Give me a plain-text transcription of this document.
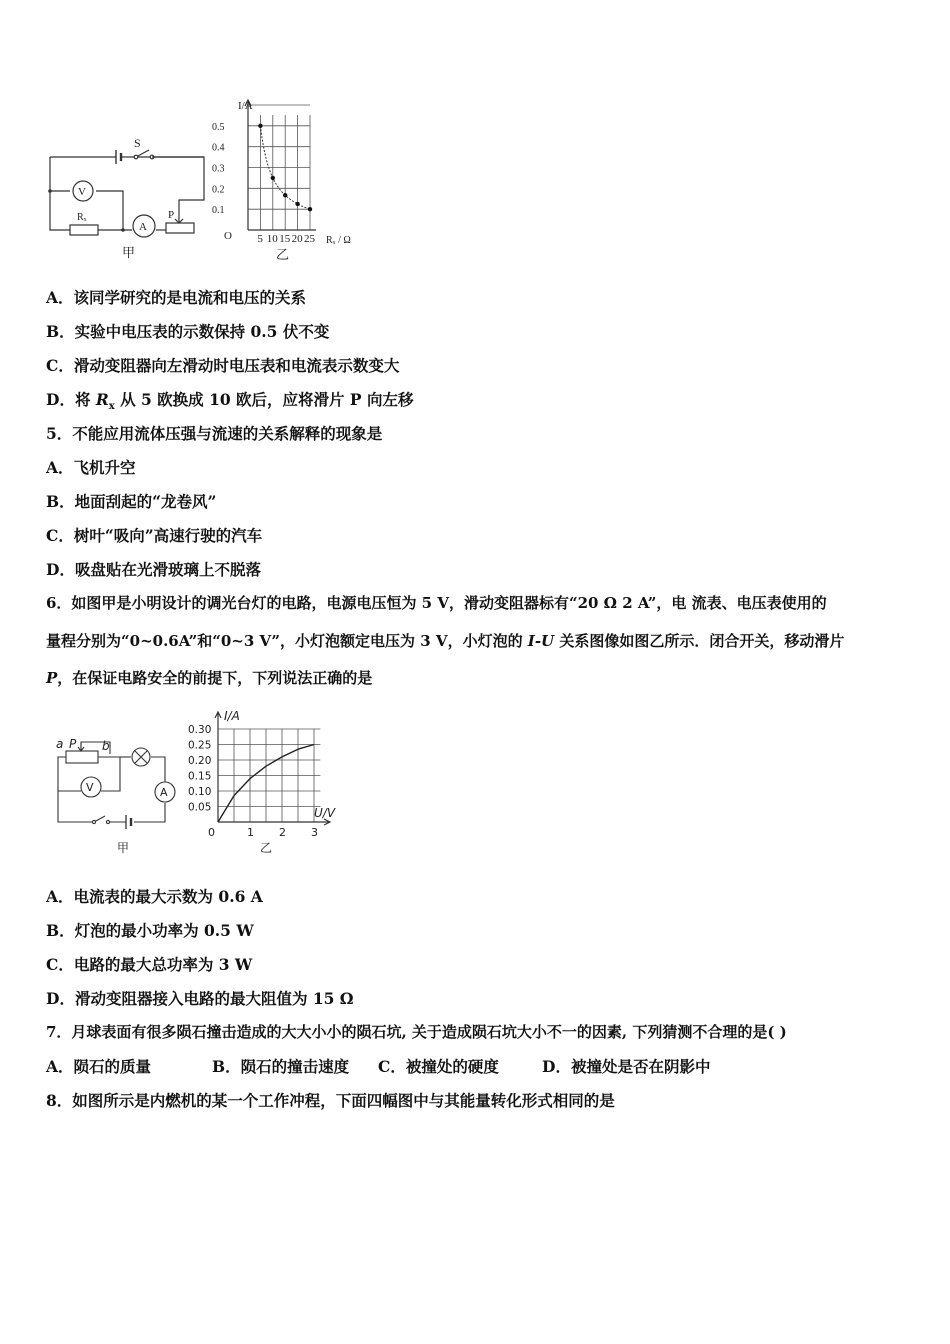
S
V
Rₓ
A
P
甲
5 10 15 20 25
0.1
0.2
0.3
0.4
0.5
I/A
Rₓ / Ω
O
乙
A．该同学研究的是电流和电压的关系
B．实验中电压表的示数保持 0.5 伏不变
C．滑动变阻器向左滑动时电压表和电流表示数变大
D．将 $R_x$ 从 5 欧换成 10 欧后，应将滑片 P 向左移
5．不能应用流体压强与流速的关系解释的现象是
A．飞机升空
B．地面刮起的“龙卷风”
C．树叶“吸向”高速行驶的汽车
D．吸盘贴在光滑玻璃上不脱落
6．如图甲是小明设计的调光台灯的电路，电源电压恒为 5 V，滑动变阻器标有“20 Ω 2 A”，电 流表、电压表使用的
量程分别为“0~0.6A”和“0~3 V”，小灯泡额定电压为 3 V，小灯泡的 I-U 关系图像如图乙所示．闭合开关，移动滑片
P，在保证电路安全的前提下，下列说法正确的是
a P b
V	A
甲
1 2 3
0.05
0.10
0.15
0.20
0.25
0.30
I/A
U/V
0
乙
A．电流表的最大示数为 0.6 A
B．灯泡的最小功率为 0.5 W
C．电路的最大总功率为 3 W
D．滑动变阻器接入电路的最大阻值为 15 Ω
7．月球表面有很多陨石撞击造成的大大小小的陨石坑, 关于造成陨石坑大小不一的因素, 下列猜测不合理的是( )
A．陨石的质量	B．陨石的撞击速度 C．被撞处的硬度	D．被撞处是否在阴影中
8．如图所示是内燃机的某一个工作冲程，下面四幅图中与其能量转化形式相同的是
